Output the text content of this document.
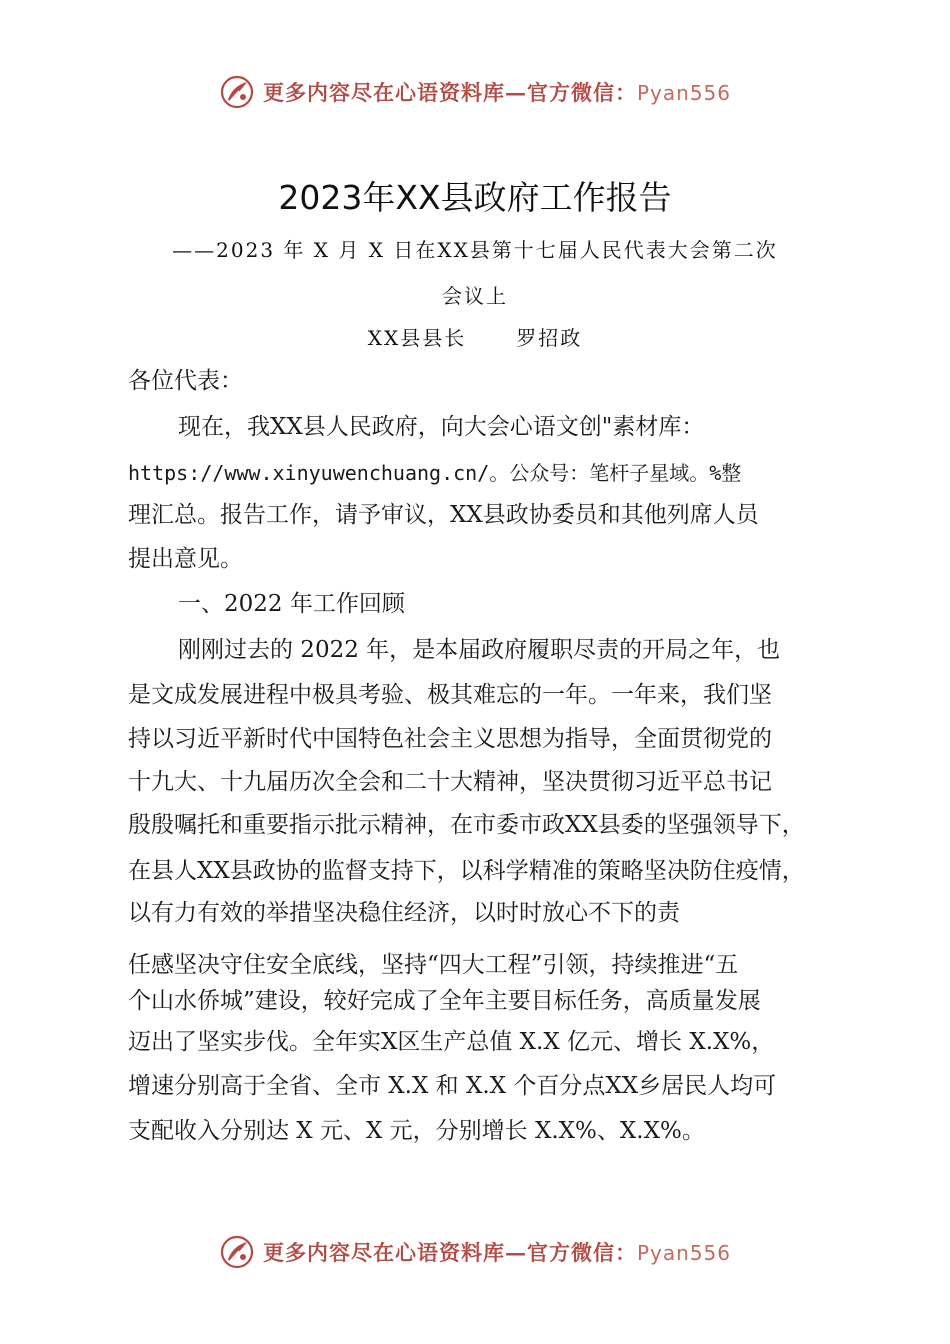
更多内容尽在心语资料库—官方微信：Pyan556
2023年XX县政府工作报告

——2023 年 X 月 X 日在XX县第十七届人民代表大会第二次

会议上

XX县县长	罗招政

各位代表：

现在，我XX县人民政府，向大会心语文创"素材库：

https://www.xinyuwenchuang.cn/。公众号：笔杆子星域。%整

理汇总。报告工作，请予审议，XX县政协委员和其他列席人员

提出意见。

一、2022 年工作回顾

刚刚过去的 2022 年，是本届政府履职尽责的开局之年，也

是文成发展进程中极具考验、极其难忘的一年。一年来，我们坚

持以习近平新时代中国特色社会主义思想为指导，全面贯彻党的

十九大、十九届历次全会和二十大精神，坚决贯彻习近平总书记

殷殷嘱托和重要指示批示精神，在市委市政XX县委的坚强领导下，

在县人XX县政协的监督支持下，以科学精准的策略坚决防住疫情，

以有力有效的举措坚决稳住经济，以时时放心不下的责

任感坚决守住安全底线，坚持“四大工程”引领，持续推进“五

个山水侨城”建设，较好完成了全年主要目标任务，高质量发展

迈出了坚实步伐。全年实X区生产总值 X.X 亿元、增长 X.X%，

增速分别高于全省、全市 X.X 和 X.X 个百分点XX乡居民人均可

支配收入分别达 X 元、X 元，分别增长 X.X%、X.X%。

更多内容尽在心语资料库—官方微信：Pyan556
